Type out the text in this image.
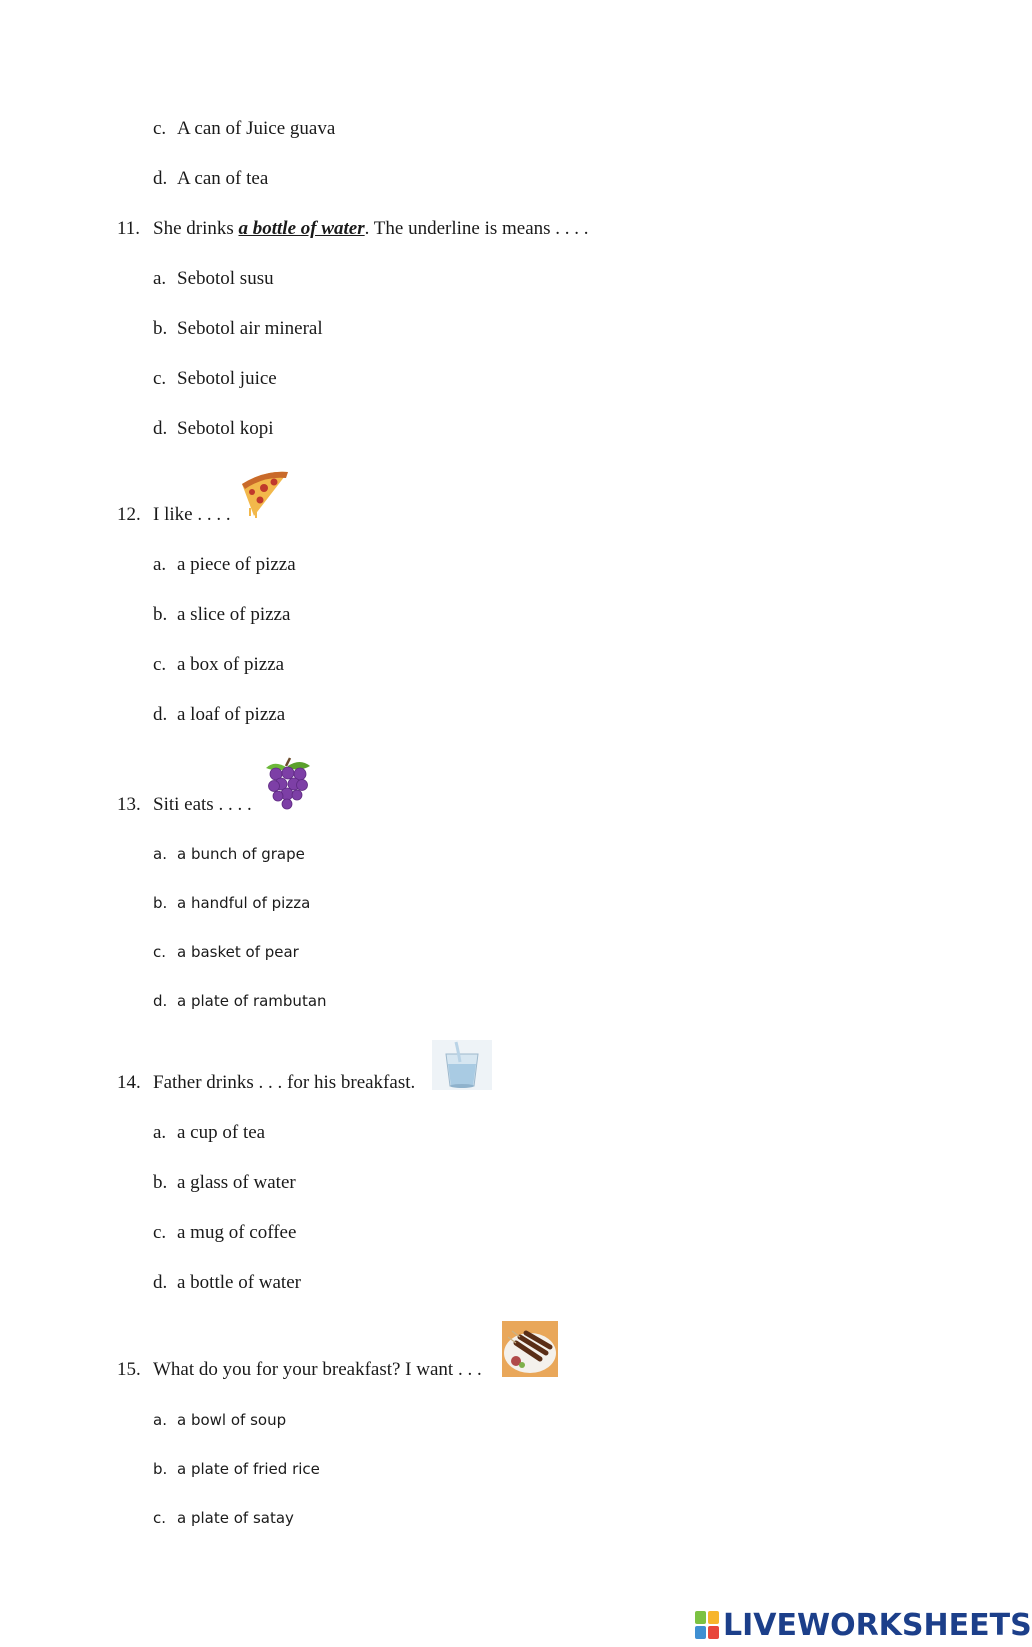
c. A can of Juice guava
d. A can of tea
11. She drinks a bottle of water. The underline is means . . . .
a. Sebotol susu
b. Sebotol air mineral
c. Sebotol juice
d. Sebotol kopi
12. I like . . . .
a. a piece of pizza
b. a slice of pizza
c. a box of pizza
d. a loaf of pizza
13. Siti eats . . . .
a. a bunch of grape
b. a handful of pizza
c. a basket of pear
d. a plate of rambutan
14. Father drinks . . . for his breakfast.
a. a cup of tea
b. a glass of water
c. a mug of coffee
d. a bottle of water
15. What do you for your breakfast? I want . . .
a. a bowl of soup
b. a plate of fried rice
c. a plate of satay
LIVEWORKSHEETS
